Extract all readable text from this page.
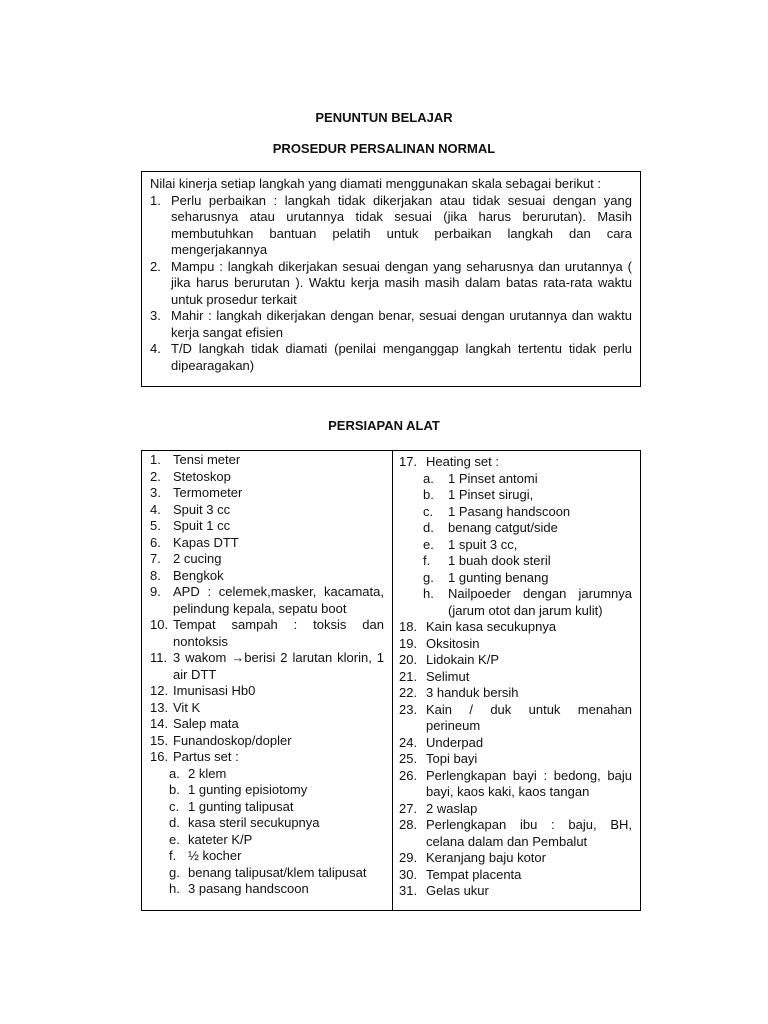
PENUNTUN BELAJAR
PROSEDUR PERSALINAN NORMAL
Nilai kinerja setiap langkah yang diamati menggunakan skala sebagai berikut :
1. Perlu perbaikan : langkah tidak dikerjakan atau tidak sesuai dengan yang seharusnya atau urutannya tidak sesuai (jika harus berurutan). Masih membutuhkan bantuan pelatih untuk perbaikan langkah dan cara mengerjakannya
2. Mampu : langkah dikerjakan sesuai dengan yang seharusnya dan urutannya ( jika harus berurutan ). Waktu kerja masih masih dalam batas rata-rata waktu untuk prosedur terkait
3. Mahir : langkah dikerjakan dengan benar, sesuai dengan urutannya dan waktu kerja sangat efisien
4. T/D langkah tidak diamati (penilai menganggap langkah tertentu tidak perlu dipearagakan)
PERSIAPAN ALAT
1. Tensi meter
2. Stetoskop
3. Termometer
4. Spuit 3 cc
5. Spuit 1 cc
6. Kapas DTT
7. 2 cucing
8. Bengkok
9. APD : celemek,masker, kacamata, pelindung kepala, sepatu boot
10. Tempat sampah : toksis dan nontoksis
11. 3 wakom →berisi 2 larutan klorin, 1 air DTT
12. Imunisasi Hb0
13. Vit K
14. Salep mata
15. Funandoskop/dopler
16. Partus set :
a. 2 klem
b. 1 gunting episiotomy
c. 1 gunting talipusat
d. kasa steril secukupnya
e. kateter K/P
f. ½ kocher
g. benang talipusat/klem talipusat
h. 3 pasang handscoon
17. Heating set :
a. 1 Pinset antomi
b. 1 Pinset sirugi,
c. 1 Pasang handscoon
d. benang catgut/side
e. 1 spuit 3 cc,
f. 1 buah dook steril
g. 1 gunting benang
h. Nailpoeder dengan jarumnya (jarum otot dan jarum kulit)
18. Kain kasa secukupnya
19. Oksitosin
20. Lidokain K/P
21. Selimut
22. 3 handuk bersih
23. Kain / duk untuk menahan perineum
24. Underpad
25. Topi bayi
26. Perlengkapan bayi : bedong, baju bayi, kaos kaki, kaos tangan
27. 2 waslap
28. Perlengkapan ibu : baju, BH, celana dalam dan Pembalut
29. Keranjang baju kotor
30. Tempat placenta
31. Gelas ukur
